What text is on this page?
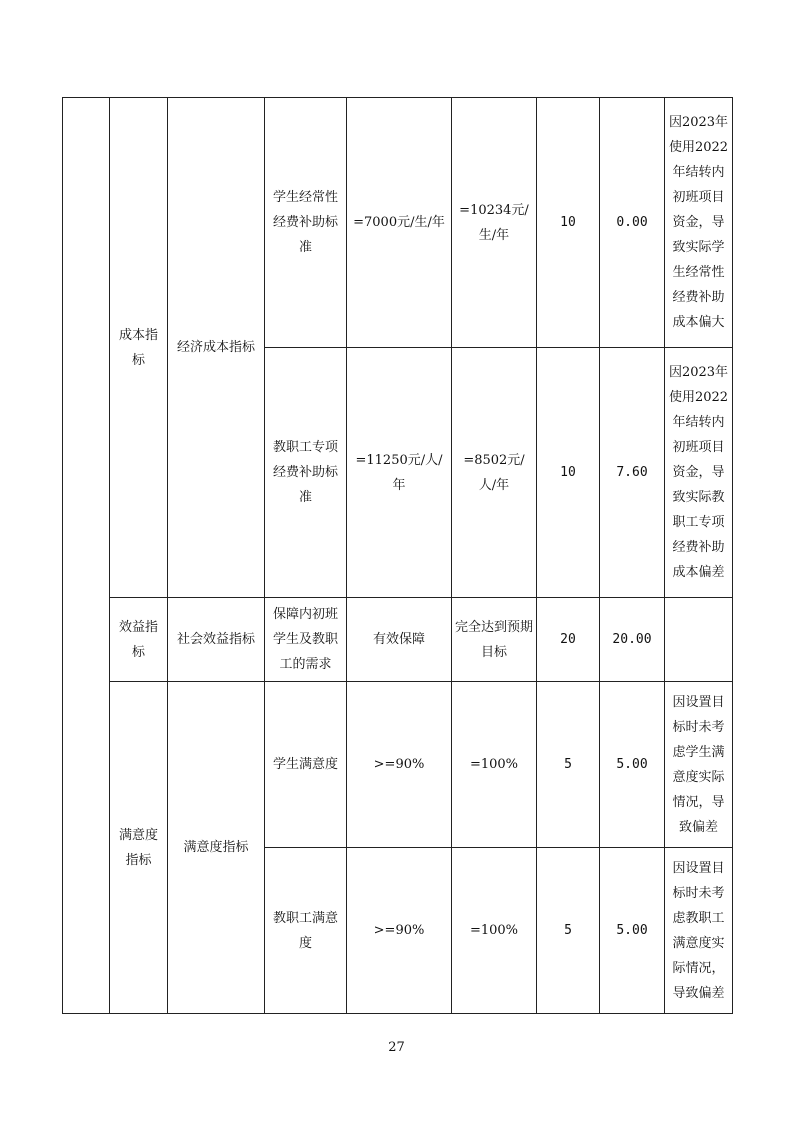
	成本指标	经济成本指标	学生经常性经费补助标准	=7000元/生/年	=10234元/生/年	10	0.00	因2023年使用2022年结转内初班项目资金，导致实际学生经常性经费补助成本偏大
			教职工专项经费补助标准	=11250元/人/年	=8502元/人/年	10	7.60	因2023年使用2022年结转内初班项目资金，导致实际教职工专项经费补助成本偏差
	效益指标	社会效益指标	保障内初班学生及教职工的需求	有效保障	完全达到预期目标	20	20.00	
	满意度指标	满意度指标	学生满意度	>=90%	=100%	5	5.00	因设置目标时未考虑学生满意度实际情况，导致偏差
			教职工满意度	>=90%	=100%	5	5.00	因设置目标时未考虑教职工满意度实际情况，导致偏差
27
